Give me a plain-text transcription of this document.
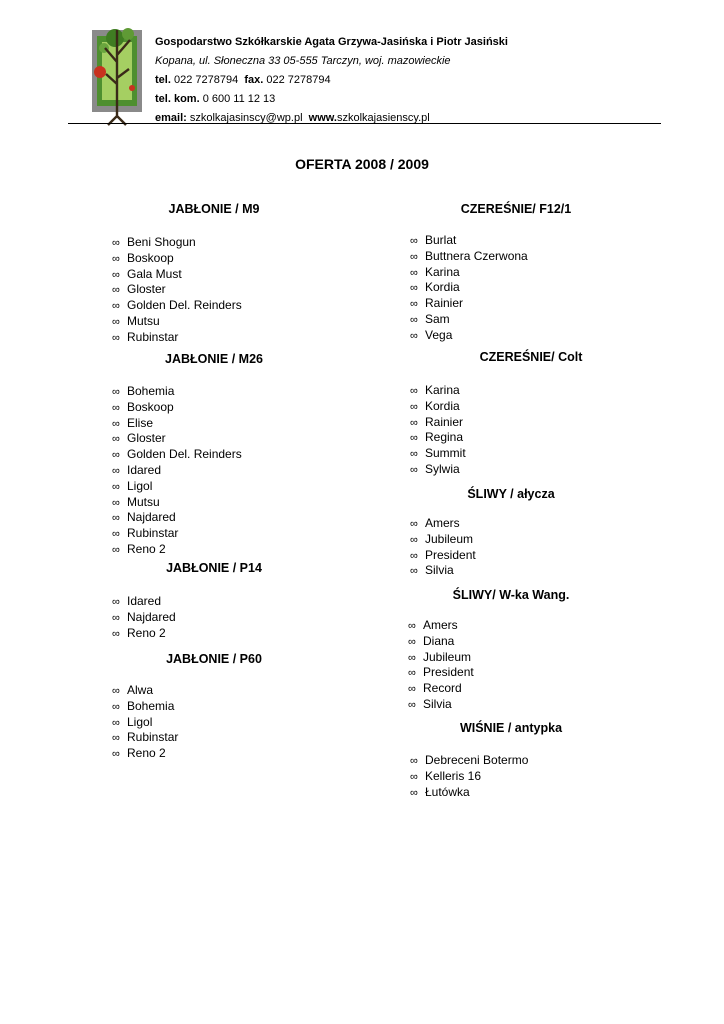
Gospodarstwo Szkółkarskie Agata Grzywa-Jasińska i Piotr Jasiński
Kopana, ul. Słoneczna 33 05-555 Tarczyn, woj. mazowieckie
tel. 022 7278794 fax. 022 7278794
tel. kom. 0 600 11 12 13
email: szkolkajasinscy@wp.pl www.szkolkajasienscy.pl
OFERTA 2008 / 2009
JABŁONIE / M9
∞ Beni Shogun
∞ Boskoop
∞ Gala Must
∞ Gloster
∞ Golden Del. Reinders
∞ Mutsu
∞ Rubinstar
JABŁONIE / M26
∞ Bohemia
∞ Boskoop
∞ Elise
∞ Gloster
∞ Golden Del. Reinders
∞ Idared
∞ Ligol
∞ Mutsu
∞ Najdared
∞ Rubinstar
∞ Reno 2
JABŁONIE / P14
∞ Idared
∞ Najdared
∞ Reno 2
JABŁONIE / P60
∞ Alwa
∞ Bohemia
∞ Ligol
∞ Rubinstar
∞ Reno 2
CZEREŚNIE/ F12/1
∞ Burlat
∞ Buttnera Czerwona
∞ Karina
∞ Kordia
∞ Rainier
∞ Sam
∞ Vega
CZEREŚNIE/ Colt
∞ Karina
∞ Kordia
∞ Rainier
∞ Regina
∞ Summit
∞ Sylwia
ŚLIWY / ałycza
∞ Amers
∞ Jubileum
∞ President
∞ Silvia
ŚLIWY/ W-ka Wang.
∞ Amers
∞ Diana
∞ Jubileum
∞ President
∞ Record
∞ Silvia
WIŚNIE / antypka
∞ Debreceni Botermo
∞ Kelleris 16
∞ Łutówka
